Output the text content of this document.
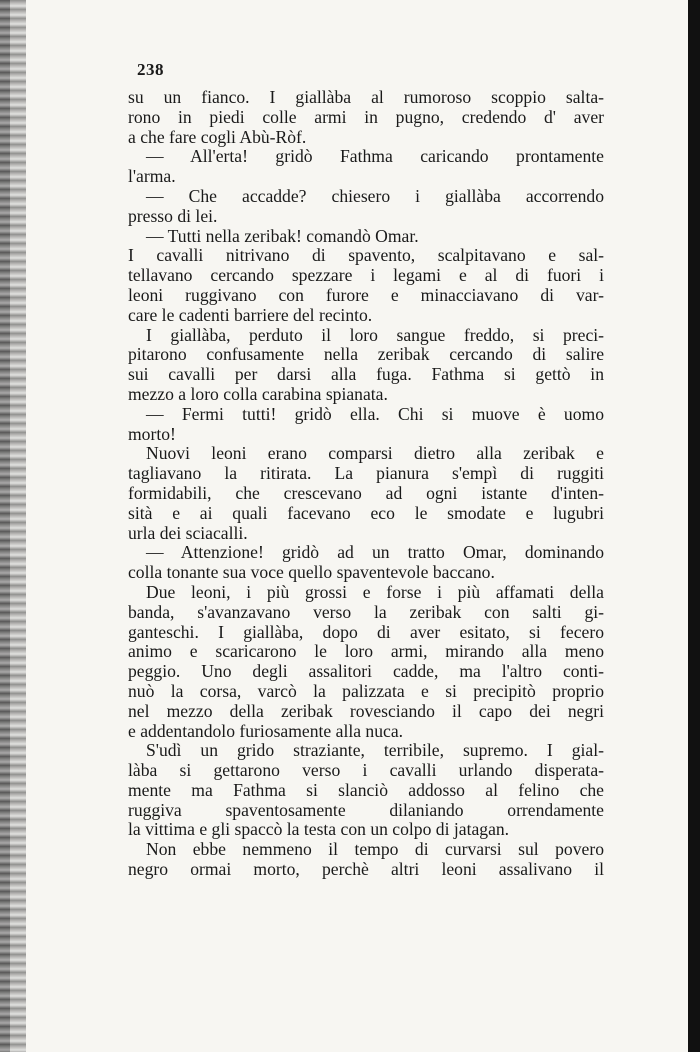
238
su un fianco. I giallàba al rumoroso scoppio salta-
rono in piedi colle armi in pugno, credendo d' aver
a che fare cogli Abù-Ròf.
— All'erta! gridò Fathma caricando prontamente
l'arma.
— Che accadde? chiesero i giallàba accorrendo
presso di lei.
— Tutti nella zeribak! comandò Omar.
I cavalli nitrivano di spavento, scalpitavano e sal-
tellavano cercando spezzare i legami e al di fuori i
leoni ruggivano con furore e minacciavano di var-
care le cadenti barriere del recinto.
I giallàba, perduto il loro sangue freddo, si preci-
pitarono confusamente nella zeribak cercando di salire
sui cavalli per darsi alla fuga. Fathma si gettò in
mezzo a loro colla carabina spianata.
— Fermi tutti! gridò ella. Chi si muove è uomo
morto!
Nuovi leoni erano comparsi dietro alla zeribak e
tagliavano la ritirata. La pianura s'empì di ruggiti
formidabili, che crescevano ad ogni istante d'inten-
sità e ai quali facevano eco le smodate e lugubri
urla dei sciacalli.
— Attenzione! gridò ad un tratto Omar, dominando
colla tonante sua voce quello spaventevole baccano.
Due leoni, i più grossi e forse i più affamati della
banda, s'avanzavano verso la zeribak con salti gi-
ganteschi. I giallàba, dopo di aver esitato, si fecero
animo e scaricarono le loro armi, mirando alla meno
peggio. Uno degli assalitori cadde, ma l'altro conti-
nuò la corsa, varcò la palizzata e si precipitò proprio
nel mezzo della zeribak rovesciando il capo dei negri
e addentandolo furiosamente alla nuca.
S'udì un grido straziante, terribile, supremo. I gial-
làba si gettarono verso i cavalli urlando disperata-
mente ma Fathma si slanciò addosso al felino che
ruggiva spaventosamente dilaniando orrendamente
la vittima e gli spaccò la testa con un colpo di jatagan.
Non ebbe nemmeno il tempo di curvarsi sul povero
negro ormai morto, perchè altri leoni assalivano il
